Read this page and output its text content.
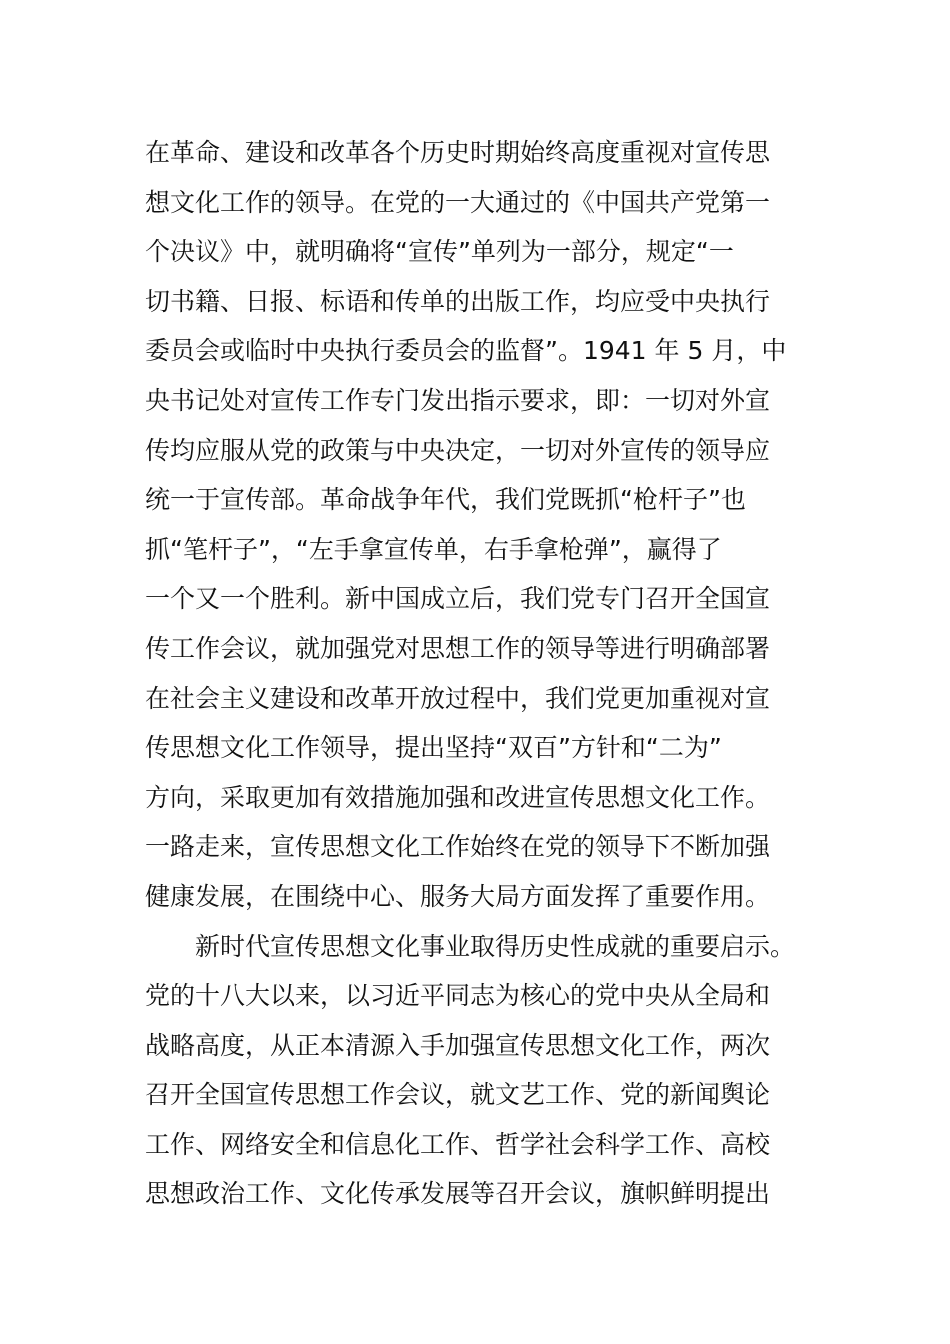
在革命、建设和改革各个历史时期始终高度重视对宣传思
想文化工作的领导。在党的一大通过的《中国共产党第一
个决议》中，就明确将“宣传”单列为一部分，规定“一
切书籍、日报、标语和传单的出版工作，均应受中央执行
委员会或临时中央执行委员会的监督”。1941 年 5 月，中
央书记处对宣传工作专门发出指示要求，即：一切对外宣
传均应服从党的政策与中央决定，一切对外宣传的领导应
统一于宣传部。革命战争年代，我们党既抓“枪杆子”也
抓“笔杆子”，“左手拿宣传单，右手拿枪弹”，赢得了
一个又一个胜利。新中国成立后，我们党专门召开全国宣
传工作会议，就加强党对思想工作的领导等进行明确部署
在社会主义建设和改革开放过程中，我们党更加重视对宣
传思想文化工作领导，提出坚持“双百”方针和“二为”
方向，采取更加有效措施加强和改进宣传思想文化工作。
一路走来，宣传思想文化工作始终在党的领导下不断加强
健康发展，在围绕中心、服务大局方面发挥了重要作用。
新时代宣传思想文化事业取得历史性成就的重要启示。
党的十八大以来，以习近平同志为核心的党中央从全局和
战略高度，从正本清源入手加强宣传思想文化工作，两次
召开全国宣传思想工作会议，就文艺工作、党的新闻舆论
工作、网络安全和信息化工作、哲学社会科学工作、高校
思想政治工作、文化传承发展等召开会议，旗帜鲜明提出
